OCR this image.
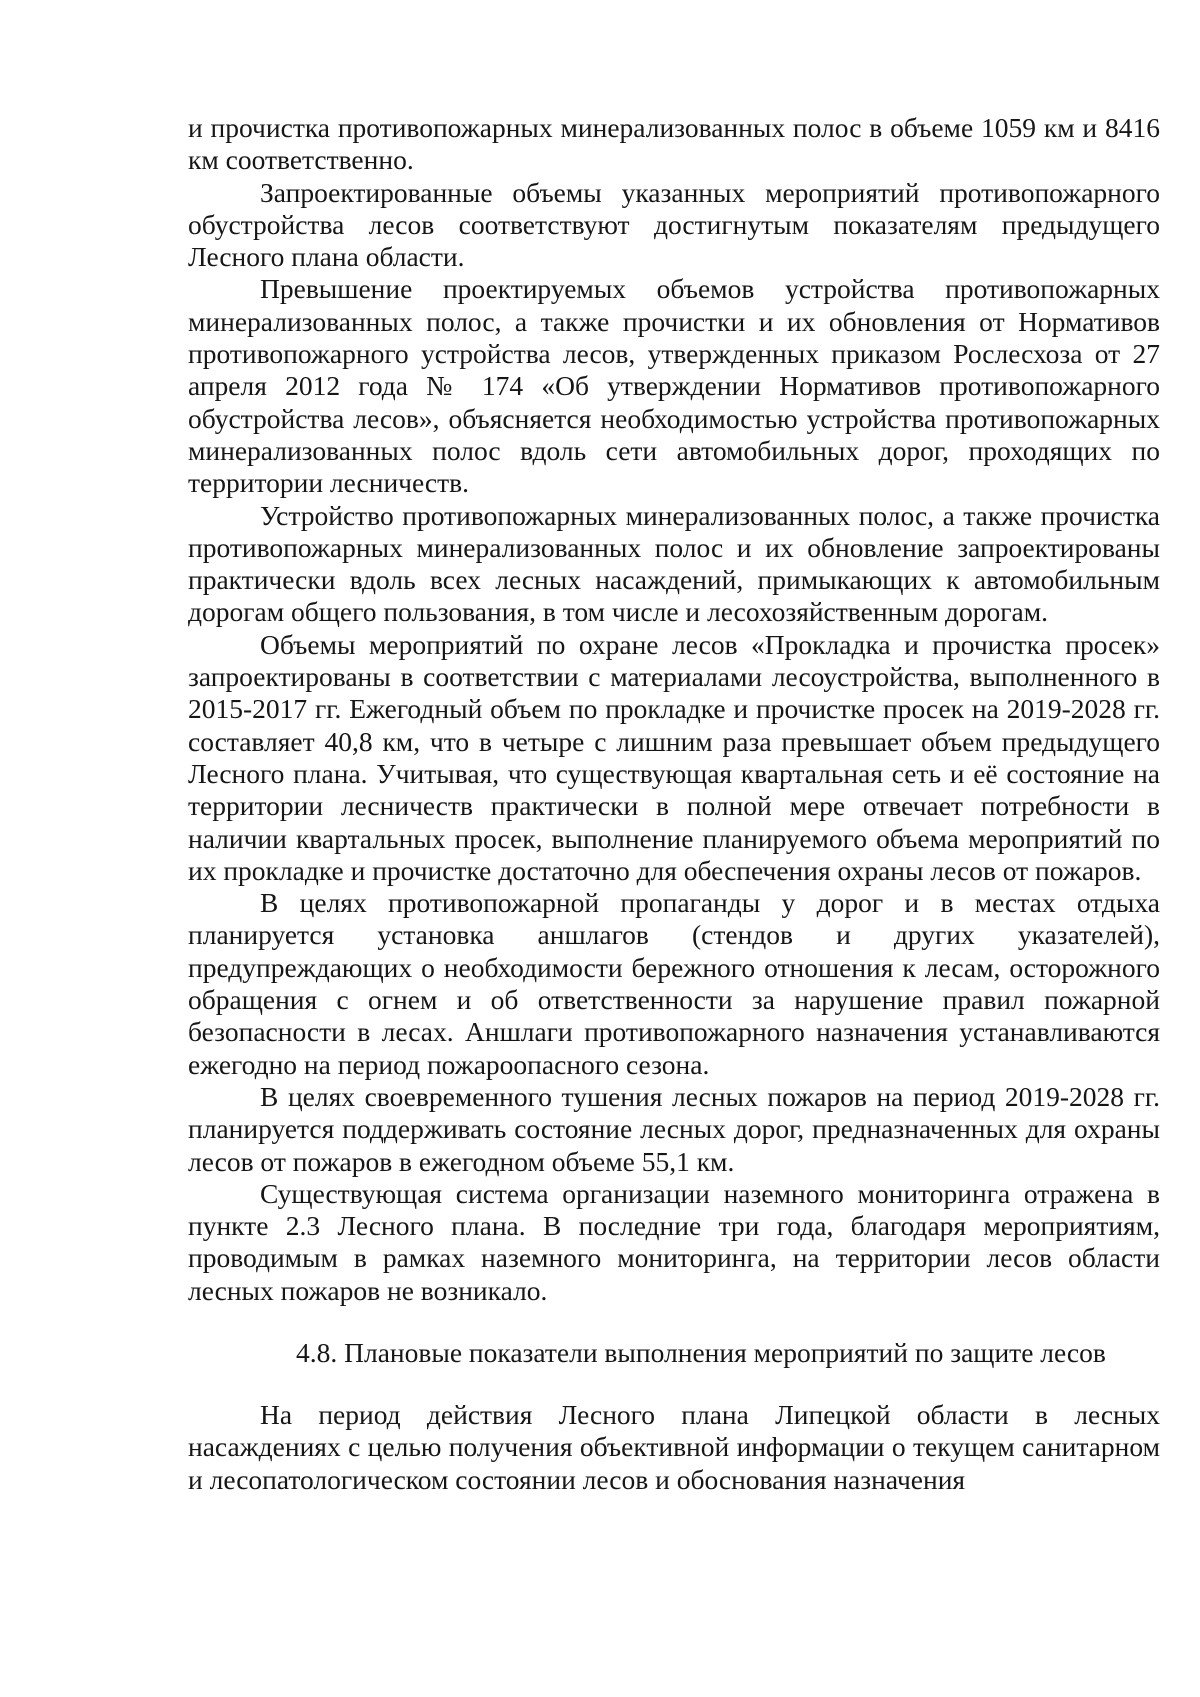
и прочистка противопожарных минерализованных полос в объеме 1059 км и 8416 км соответственно.

Запроектированные объемы указанных мероприятий противопожарного обустройства лесов соответствуют достигнутым показателям предыдущего Лесного плана области.

Превышение проектируемых объемов устройства противопожарных минерализованных полос, а также прочистки и их обновления от Нормативов противопожарного устройства лесов, утвержденных приказом Рослесхоза от 27 апреля 2012 года № 174 «Об утверждении Нормативов противопожарного обустройства лесов», объясняется необходимостью устройства противопожарных минерализованных полос вдоль сети автомобильных дорог, проходящих по территории лесничеств.

Устройство противопожарных минерализованных полос, а также прочистка противопожарных минерализованных полос и их обновление запроектированы практически вдоль всех лесных насаждений, примыкающих к автомобильным дорогам общего пользования, в том числе и лесохозяйственным дорогам.

Объемы мероприятий по охране лесов «Прокладка и прочистка просек» запроектированы в соответствии с материалами лесоустройства, выполненного в 2015-2017 гг. Ежегодный объем по прокладке и прочистке просек на 2019-2028 гг. составляет 40,8 км, что в четыре с лишним раза превышает объем предыдущего Лесного плана. Учитывая, что существующая квартальная сеть и её состояние на территории лесничеств практически в полной мере отвечает потребности в наличии квартальных просек, выполнение планируемого объема мероприятий по их прокладке и прочистке достаточно для обеспечения охраны лесов от пожаров.

В целях противопожарной пропаганды у дорог и в местах отдыха планируется установка аншлагов (стендов и других указателей), предупреждающих о необходимости бережного отношения к лесам, осторожного обращения с огнем и об ответственности за нарушение правил пожарной безопасности в лесах. Аншлаги противопожарного назначения устанавливаются ежегодно на период пожароопасного сезона.

В целях своевременного тушения лесных пожаров на период 2019-2028 гг. планируется поддерживать состояние лесных дорог, предназначенных для охраны лесов от пожаров в ежегодном объеме 55,1 км.

Существующая система организации наземного мониторинга отражена в пункте 2.3 Лесного плана. В последние три года, благодаря мероприятиям, проводимым в рамках наземного мониторинга, на территории лесов области лесных пожаров не возникало.

4.8. Плановые показатели выполнения мероприятий по защите лесов

На период действия Лесного плана Липецкой области в лесных насаждениях с целью получения объективной информации о текущем санитарном и лесопатологическом состоянии лесов и обоснования назначения
